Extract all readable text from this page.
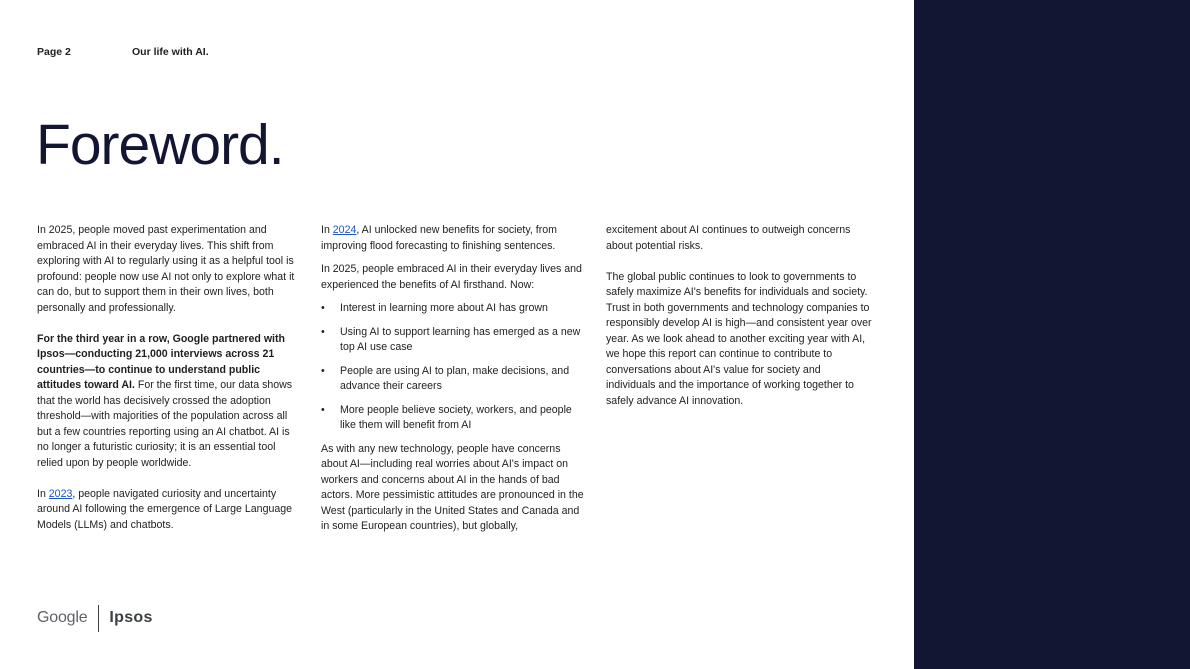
Page 2	Our life with AI.
Foreword.

In 2025, people moved past experimentation and embraced AI in their everyday lives. This shift from exploring with AI to regularly using it as a helpful tool is profound: people now use AI not only to explore what it can do, but to support them in their own lives, both personally and professionally.

For the third year in a row, Google partnered with Ipsos—conducting 21,000 interviews across 21 countries—to continue to understand public attitudes toward AI. For the first time, our data shows that the world has decisively crossed the adoption threshold—with majorities of the population across all but a few countries reporting using an AI chatbot. AI is no longer a futuristic curiosity; it is an essential tool relied upon by people worldwide.

In 2023, people navigated curiosity and uncertainty around AI following the emergence of Large Language Models (LLMs) and chatbots.

In 2024, AI unlocked new benefits for society, from improving flood forecasting to finishing sentences.

In 2025, people embraced AI in their everyday lives and experienced the benefits of AI firsthand. Now:

• Interest in learning more about AI has grown
• Using AI to support learning has emerged as a new top AI use case
• People are using AI to plan, make decisions, and advance their careers
• More people believe society, workers, and people like them will benefit from AI

As with any new technology, people have concerns about AI—including real worries about AI's impact on workers and concerns about AI in the hands of bad actors. More pessimistic attitudes are pronounced in the West (particularly in the United States and Canada and in some European countries), but globally,

excitement about AI continues to outweigh concerns about potential risks.

The global public continues to look to governments to safely maximize AI's benefits for individuals and society. Trust in both governments and technology companies to responsibly develop AI is high—and consistent year over year. As we look ahead to another exciting year with AI, we hope this report can continue to contribute to conversations about AI's value for society and individuals and the importance of working together to safely advance AI innovation.

Google Ipsos
